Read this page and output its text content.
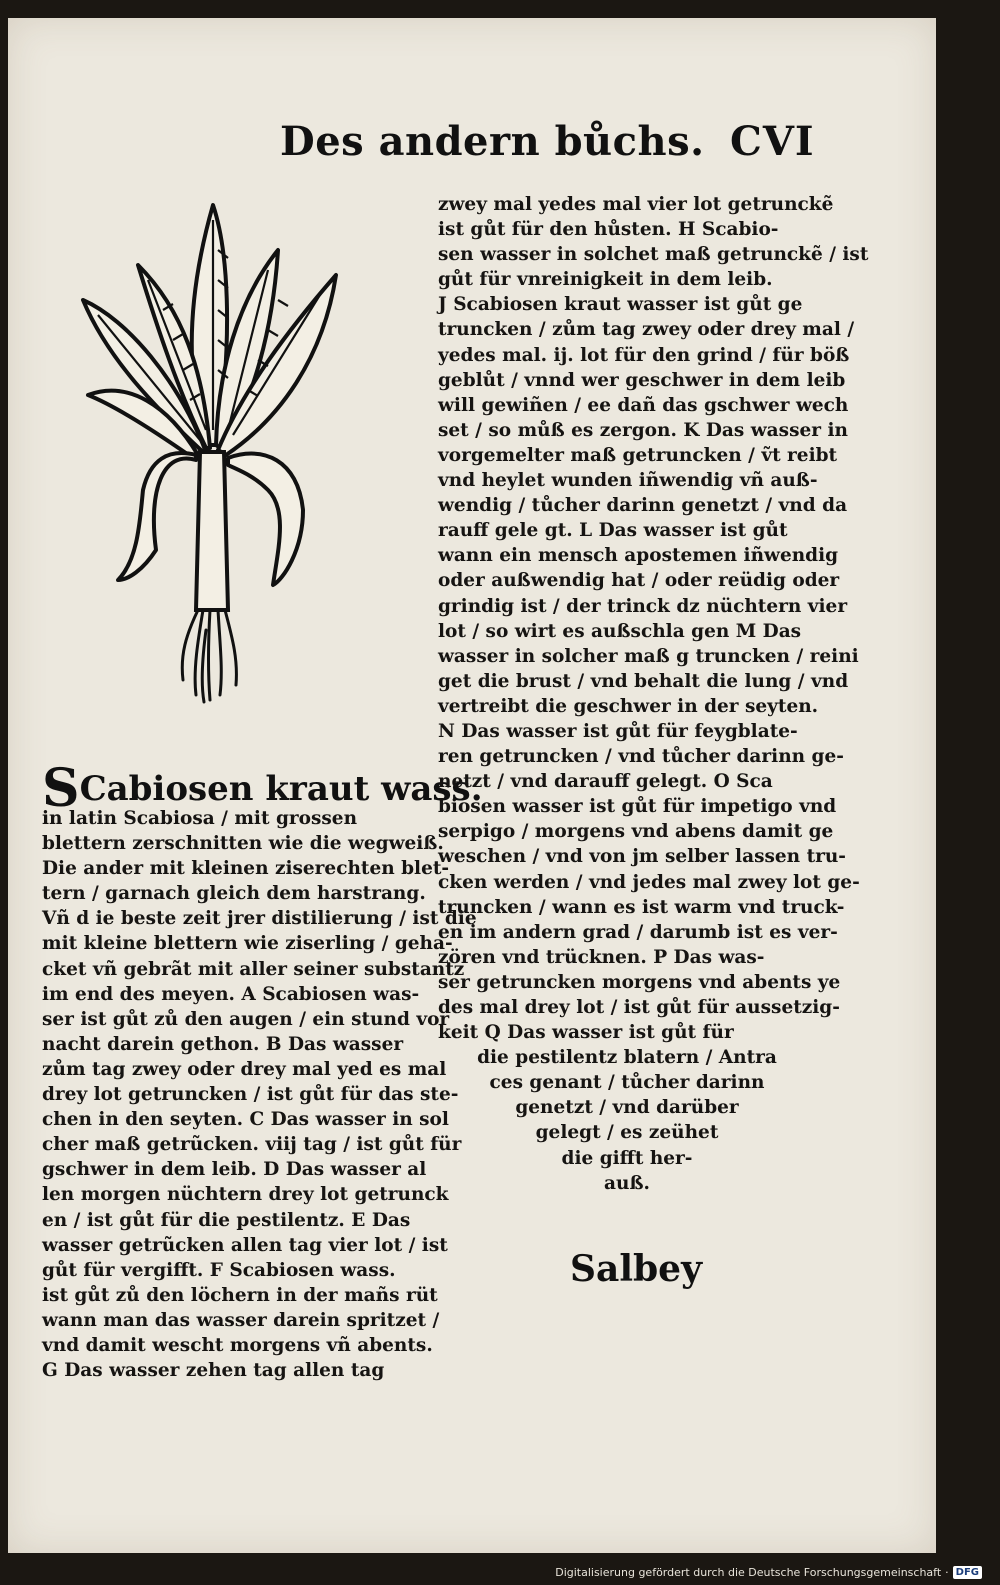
Des andern bůchs. CVI
SCabiosen kraut wass.
in latin Scabiosa / mit grossen
blettern zerschnitten wie die wegweiß.
Die ander mit kleinen ziserechten blet-
tern / garnach gleich dem harstrang.
Vñ d ie beste zeit jrer distilierung / ist die
mit kleine blettern wie ziserling / geha-
cket vñ gebrãt mit aller seiner substantz
im end des meyen. A Scabiosen was-
ser ist gůt zů den augen / ein stund vor
nacht darein gethon. B Das wasser
zům tag zwey oder drey mal yed es mal
drey lot getruncken / ist gůt für das ste-
chen in den seyten. C Das wasser in sol
cher maß getrũcken. viij tag / ist gůt für
gschwer in dem leib. D Das wasser al
len morgen nüchtern drey lot getrunck
en / ist gůt für die pestilentz. E Das
wasser getrũcken allen tag vier lot / ist
gůt für vergifft. F Scabiosen wass.
ist gůt zů den löchern in der mañs rüt
wann man das wasser darein spritzet /
vnd damit wescht morgens vñ abents.
G Das wasser zehen tag allen tag
zwey mal yedes mal vier lot getrunckẽ
ist gůt für den hůsten. H Scabio-
sen wasser in solchet maß getrunckẽ / ist
gůt für vnreinigkeit in dem leib.
J Scabiosen kraut wasser ist gůt ge
truncken / zům tag zwey oder drey mal /
yedes mal. ij. lot für den grind / für böß
geblůt / vnnd wer geschwer in dem leib
will gewiñen / ee dañ das gschwer wech
set / so můß es zergon. K Das wasser in
vorgemelter maß getruncken / ṽt reibt
vnd heylet wunden iñwendig vñ auß-
wendig / tůcher darinn genetzt / vnd da
rauff gele gt. L Das wasser ist gůt
wann ein mensch apostemen iñwendig
oder außwendig hat / oder reüdig oder
grindig ist / der trinck dz nüchtern vier
lot / so wirt es außschla gen M Das
wasser in solcher maß g truncken / reini
get die brust / vnd behalt die lung / vnd
vertreibt die geschwer in der seyten.
N Das wasser ist gůt für feygblate-
ren getruncken / vnd tůcher darinn ge-
netzt / vnd darauff gelegt. O Sca
biosen wasser ist gůt für impetigo vnd
serpigo / morgens vnd abens damit ge
weschen / vnd von jm selber lassen tru-
cken werden / vnd jedes mal zwey lot ge-
truncken / wann es ist warm vnd truck-
en im andern grad / darumb ist es ver-
zören vnd trücknen. P Das was-
ser getruncken morgens vnd abents ye
des mal drey lot / ist gůt für aussetzig-
keit Q Das wasser ist gůt für
die pestilentz blatern / Antra
ces genant / tůcher darinn
genetzt / vnd darüber
gelegt / es zeühet
die gifft her-
auß.
Salbey
Digitalisierung gefördert durch die Deutsche Forschungsgemeinschaft · DFG
